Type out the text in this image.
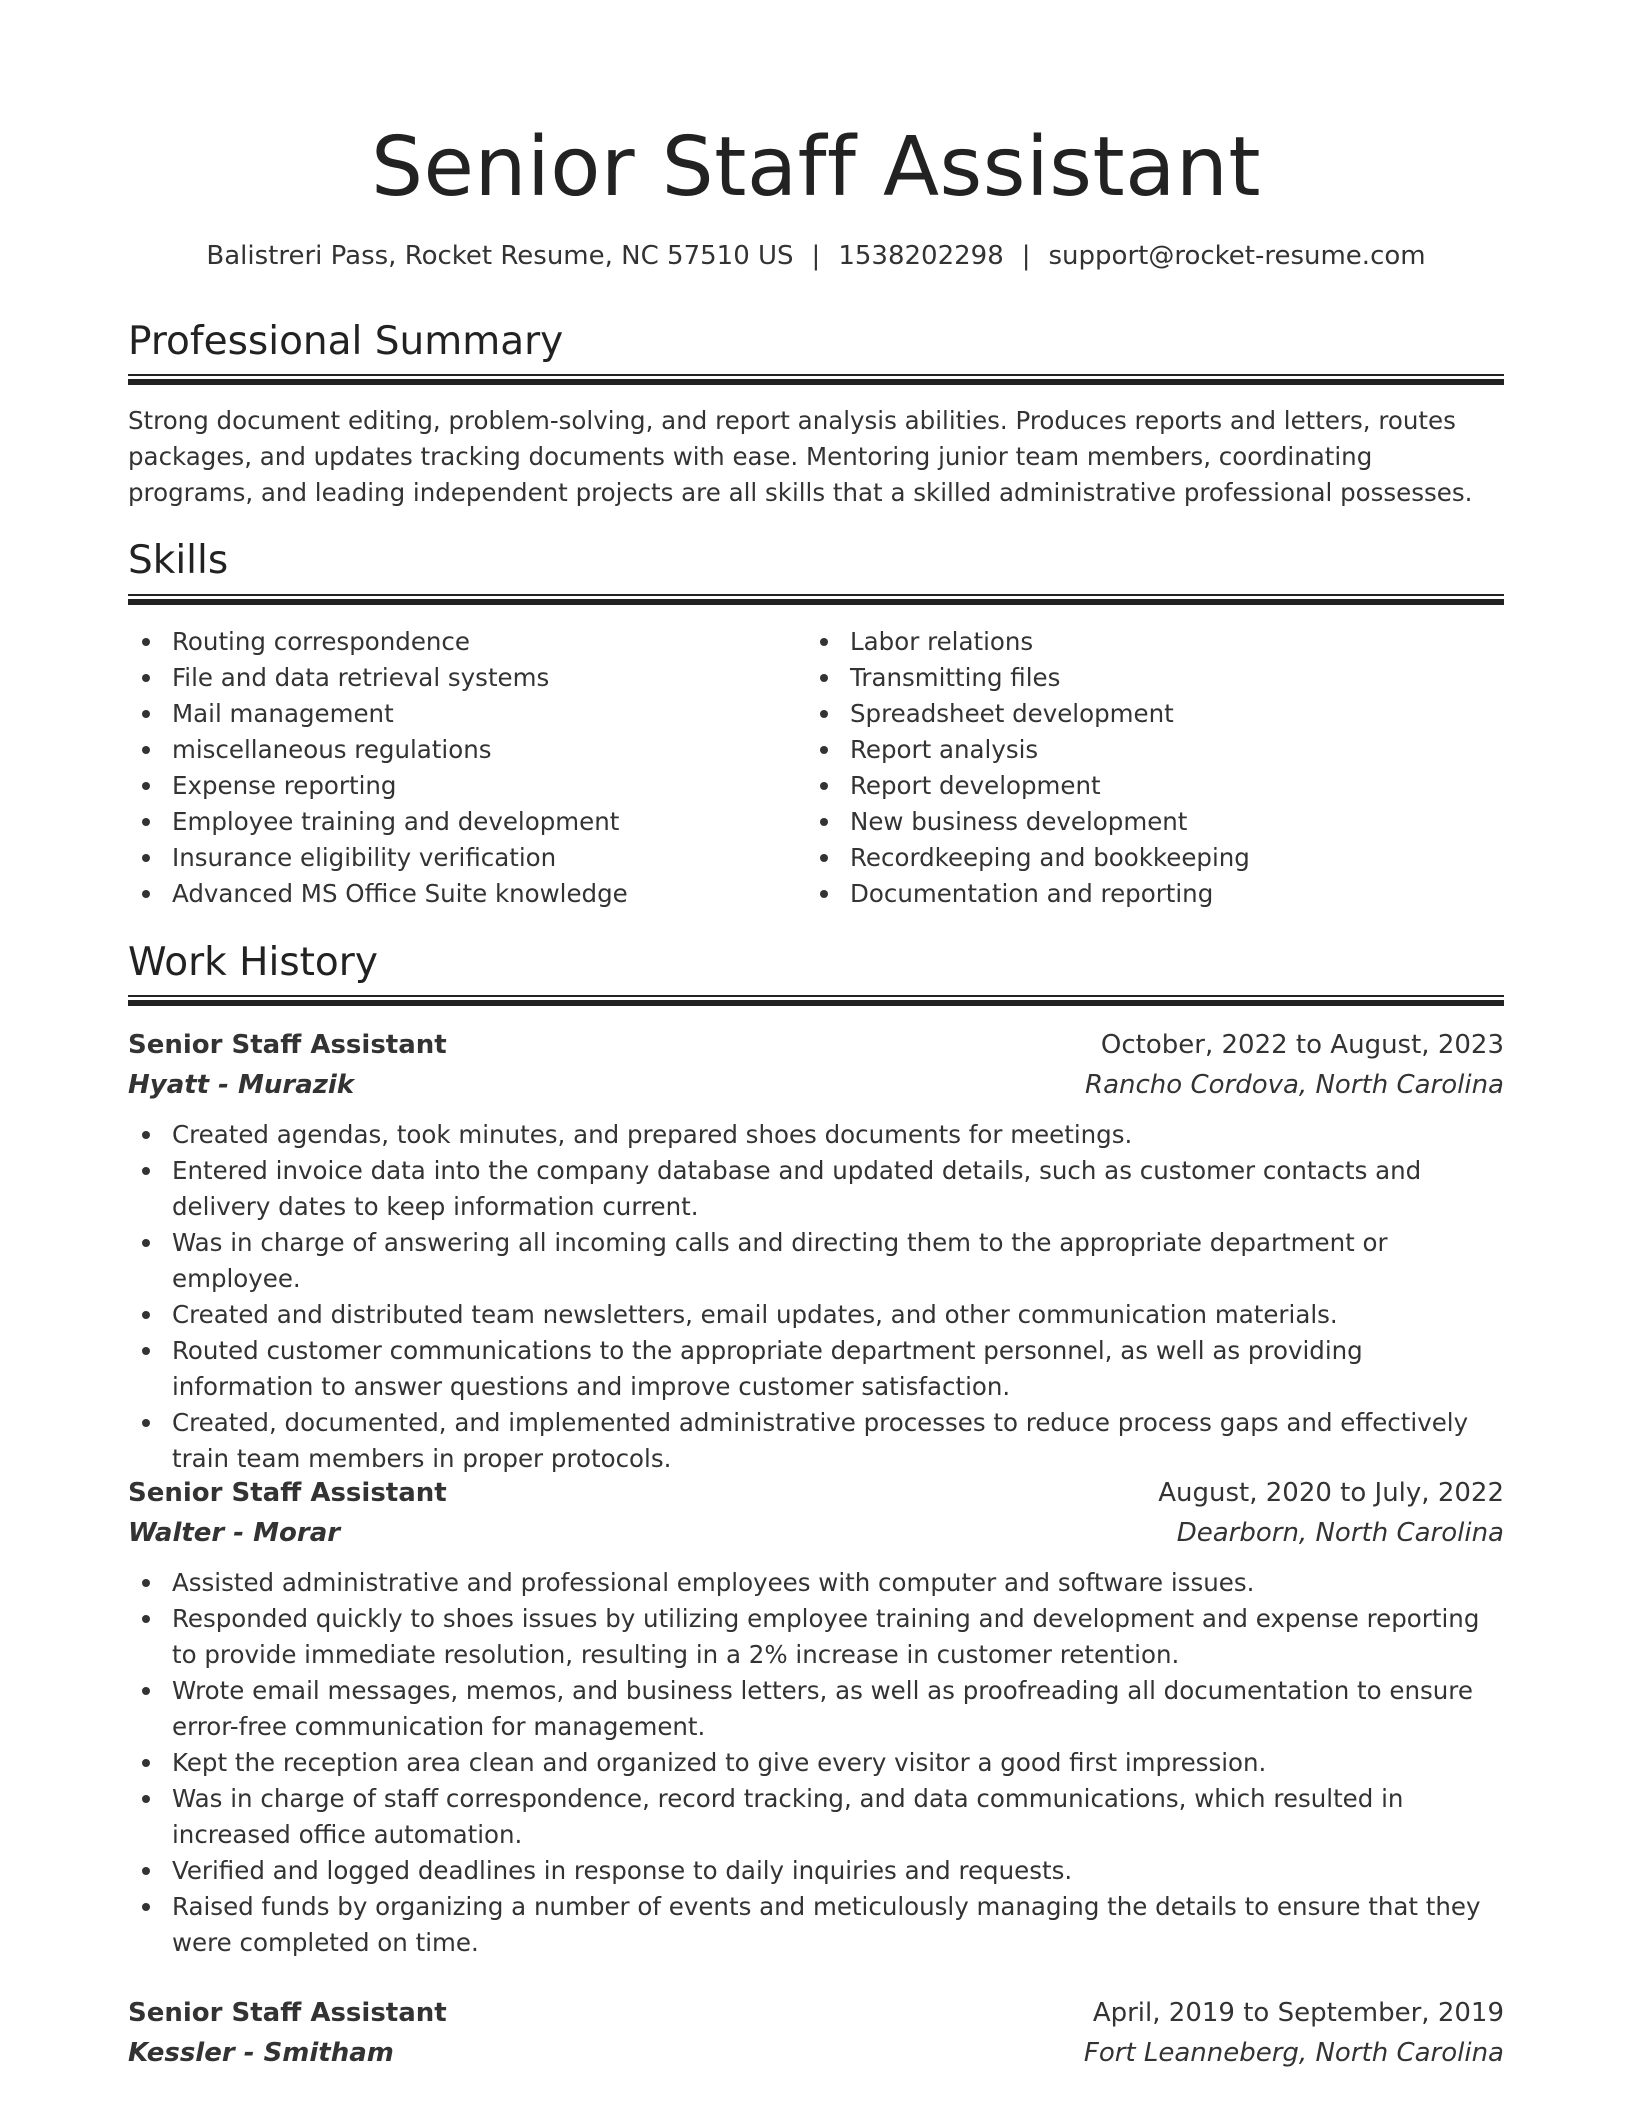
Senior Staff Assistant
Balistreri Pass, Rocket Resume, NC 57510 US | 1538202298 | support@rocket-resume.com
Professional Summary

Strong document editing, problem-solving, and report analysis abilities. Produces reports and letters, routes packages, and updates tracking documents with ease. Mentoring junior team members, coordinating programs, and leading independent projects are all skills that a skilled administrative professional possesses.

Skills
Routing correspondence
File and data retrieval systems
Mail management
miscellaneous regulations
Expense reporting
Employee training and development
Insurance eligibility verification
Advanced MS Office Suite knowledge
Labor relations
Transmitting files
Spreadsheet development
Report analysis
Report development
New business development
Recordkeeping and bookkeeping
Documentation and reporting
Work History
Senior Staff Assistant	October, 2022 to August, 2023
Hyatt - Murazik	Rancho Cordova, North Carolina
Created agendas, took minutes, and prepared shoes documents for meetings.
Entered invoice data into the company database and updated details, such as customer contacts and delivery dates to keep information current.
Was in charge of answering all incoming calls and directing them to the appropriate department or employee.
Created and distributed team newsletters, email updates, and other communication materials.
Routed customer communications to the appropriate department personnel, as well as providing information to answer questions and improve customer satisfaction.
Created, documented, and implemented administrative processes to reduce process gaps and effectively train team members in proper protocols.
Senior Staff Assistant	August, 2020 to July, 2022
Walter - Morar	Dearborn, North Carolina
Assisted administrative and professional employees with computer and software issues.
Responded quickly to shoes issues by utilizing employee training and development and expense reporting to provide immediate resolution, resulting in a 2% increase in customer retention.
Wrote email messages, memos, and business letters, as well as proofreading all documentation to ensure error-free communication for management.
Kept the reception area clean and organized to give every visitor a good first impression.
Was in charge of staff correspondence, record tracking, and data communications, which resulted in increased office automation.
Verified and logged deadlines in response to daily inquiries and requests.
Raised funds by organizing a number of events and meticulously managing the details to ensure that they were completed on time.
Senior Staff Assistant	April, 2019 to September, 2019
Kessler - Smitham	Fort Leanneberg, North Carolina
